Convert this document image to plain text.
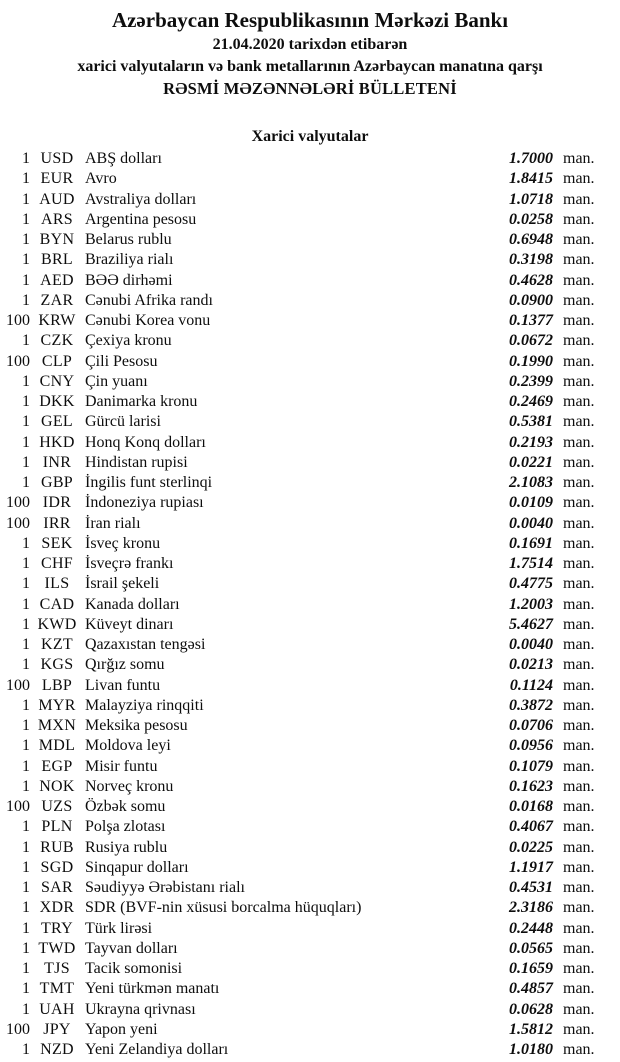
Azərbaycan Respublikasının Mərkəzi Bankı
21.04.2020 tarixdən etibarən
xarici valyutaların və bank metallarının Azərbaycan manatına qarşı
RƏSMİ MƏZƏNNƏLƏRİ BÜLLETENİ
Xarici valyutalar
1 USD ABŞ dolları	1.7000 man.
1 EUR Avro	1.8415 man.
1 AUD Avstraliya dolları	1.0718 man.
1 ARS Argentina pesosu	0.0258 man.
1 BYN Belarus rublu	0.6948 man.
1 BRL Braziliya rialı	0.3198 man.
1 AED BƏƏ dirhəmi	0.4628 man.
1 ZAR Cənubi Afrika randı	0.0900 man.
100 KRW Cənubi Korea vonu	0.1377 man.
1 CZK Çexiya kronu	0.0672 man.
100 CLP Çili Pesosu	0.1990 man.
1 CNY Çin yuanı	0.2399 man.
1 DKK Danimarka kronu	0.2469 man.
1 GEL Gürcü larisi	0.5381 man.
1 HKD Honq Konq dolları	0.2193 man.
1 INR Hindistan rupisi	0.0221 man.
1 GBP İngilis funt sterlinqi	2.1083 man.
100 IDR İndoneziya rupiası	0.0109 man.
100 IRR İran rialı	0.0040 man.
1 SEK İsveç kronu	0.1691 man.
1 CHF İsveçrə frankı	1.7514 man.
1 ILS İsrail şekeli	0.4775 man.
1 CAD Kanada dolları	1.2003 man.
1 KWD Küveyt dinarı	5.4627 man.
1 KZT Qazaxıstan tengəsi	0.0040 man.
1 KGS Qırğız somu	0.0213 man.
100 LBP Livan funtu	0.1124 man.
1 MYR Malayziya rinqqiti	0.3872 man.
1 MXN Meksika pesosu	0.0706 man.
1 MDL Moldova leyi	0.0956 man.
1 EGP Misir funtu	0.1079 man.
1 NOK Norveç kronu	0.1623 man.
100 UZS Özbək somu	0.0168 man.
1 PLN Polşa zlotası	0.4067 man.
1 RUB Rusiya rublu	0.0225 man.
1 SGD Sinqapur dolları	1.1917 man.
1 SAR Səudiyyə Ərəbistanı rialı	0.4531 man.
1 XDR SDR (BVF-nin xüsusi borcalma hüquqları)	2.3186 man.
1 TRY Türk lirəsi	0.2448 man.
1 TWD Tayvan dolları	0.0565 man.
1 TJS Tacik somonisi	0.1659 man.
1 TMT Yeni türkmən manatı	0.4857 man.
1 UAH Ukrayna qrivnası	0.0628 man.
100 JPY Yapon yeni	1.5812 man.
1 NZD Yeni Zelandiya dolları	1.0180 man.
